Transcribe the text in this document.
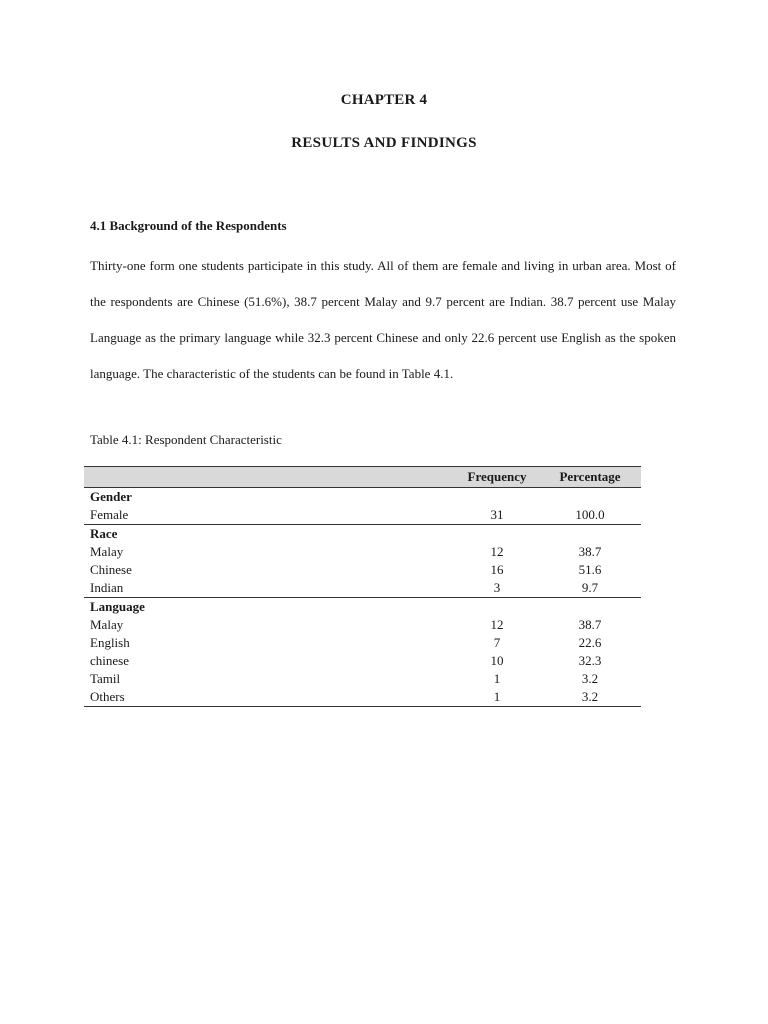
CHAPTER 4
RESULTS AND FINDINGS
4.1 Background of the Respondents

Thirty-one form one students participate in this study. All of them are female and living in urban area. Most of the respondents are Chinese (51.6%), 38.7 percent Malay and 9.7 percent are Indian. 38.7 percent use Malay Language as the primary language while 32.3 percent Chinese and only 22.6 percent use English as the spoken language. The characteristic of the students can be found in Table 4.1.

Table 4.1: Respondent Characteristic
	Frequency	Percentage
Gender		
Female	31	100.0
Race		
Malay	12	38.7
Chinese	16	51.6
Indian	3	9.7
Language		
Malay	12	38.7
English	7	22.6
chinese	10	32.3
Tamil	1	3.2
Others	1	3.2
